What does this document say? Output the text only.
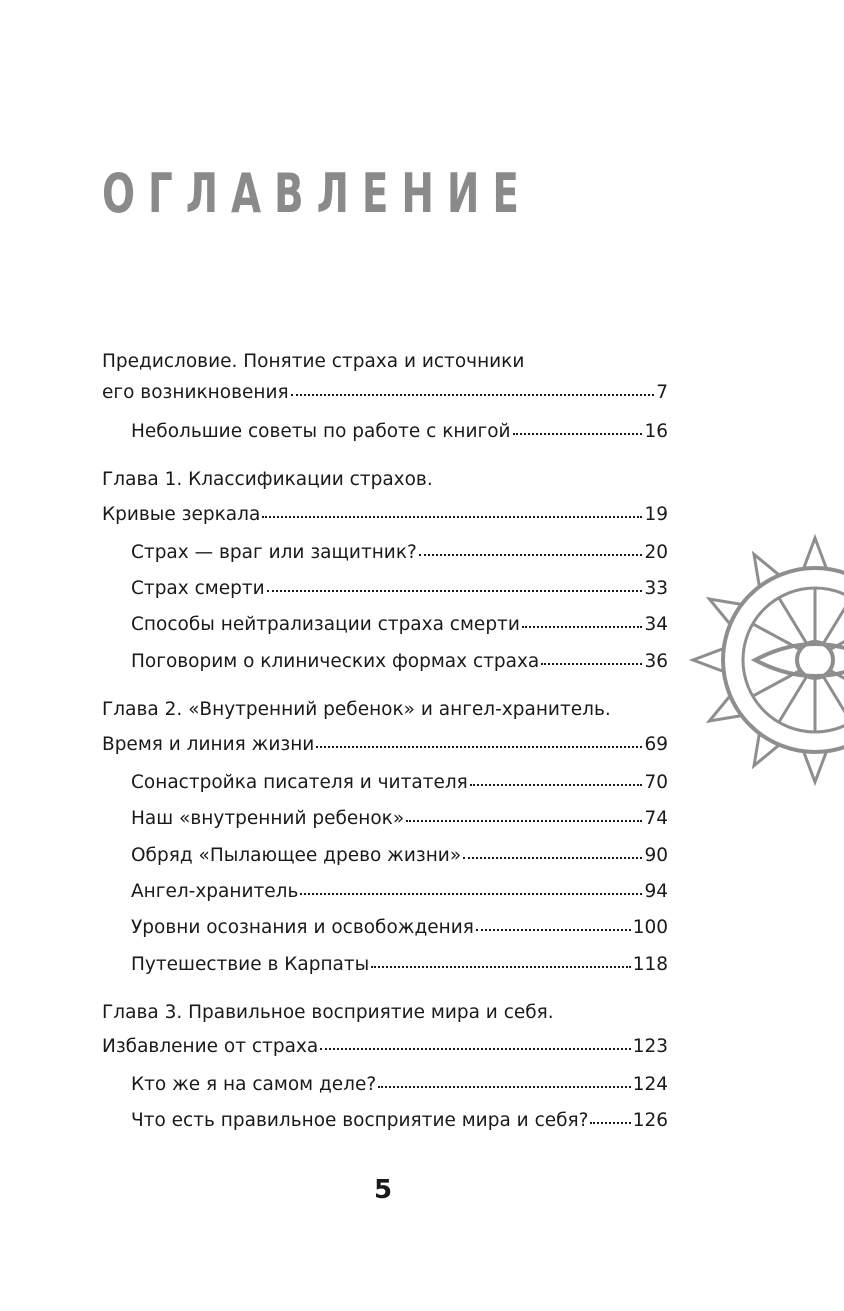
ОГЛАВЛЕНИЕ
Предисловие. Понятие страха и источники
его возникновения	7
Небольшие советы по работе с книгой	16
Глава 1. Классификации страхов.
Кривые зеркала	19
Страх — враг или защитник?	20
Страх смерти	33
Способы нейтрализации страха смерти	34
Поговорим о клинических формах страха	36
Глава 2. «Внутренний ребенок» и ангел-хранитель.
Время и линия жизни	69
Сонастройка писателя и читателя	70
Наш «внутренний ребенок»	74
Обряд «Пылающее древо жизни»	90
Ангел-хранитель	94
Уровни осознания и освобождения	100
Путешествие в Карпаты	118
Глава 3. Правильное восприятие мира и себя.
Избавление от страха	123
Кто же я на самом деле?	124
Что есть правильное восприятие мира и себя? 126
5
